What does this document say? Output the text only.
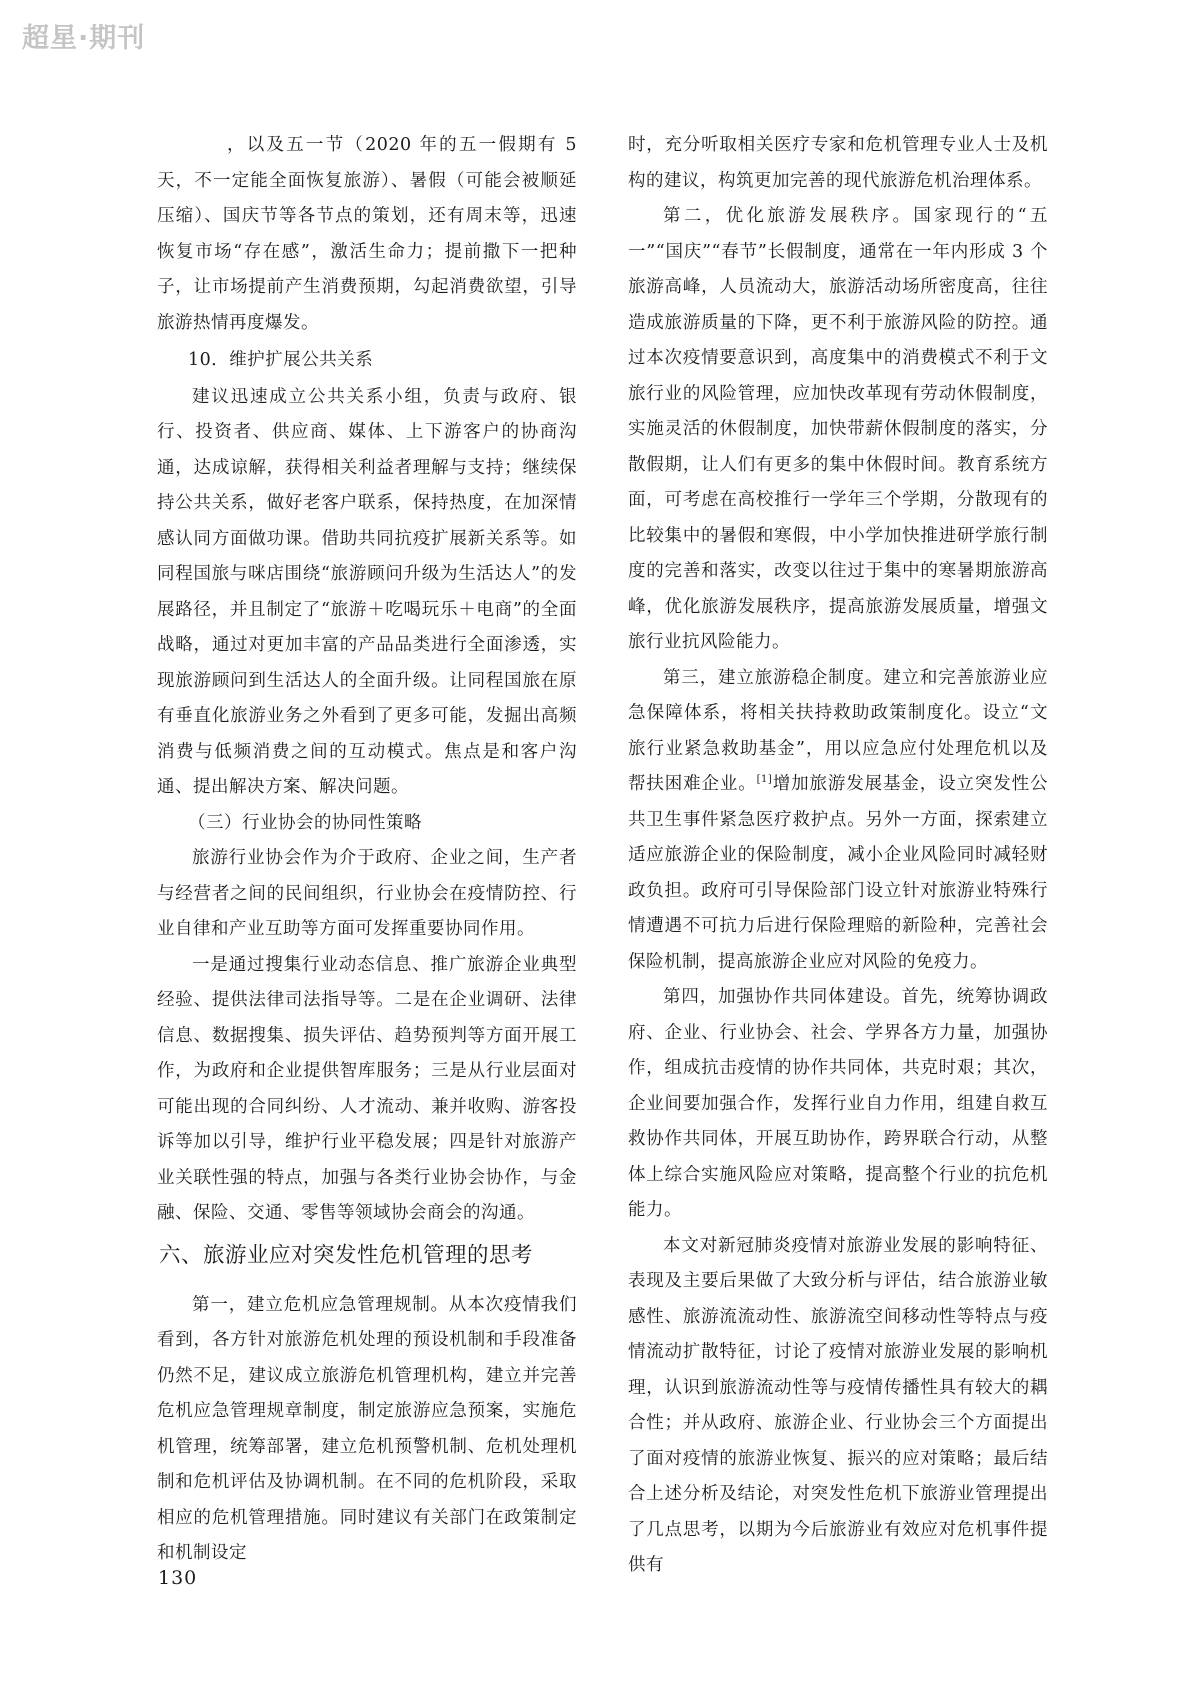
超星·期刊

，以及五一节（2020 年的五一假期有 5 天，不一定能全面恢复旅游）、暑假（可能会被顺延压缩）、国庆节等各节点的策划，还有周末等，迅速恢复市场“存在感”，激活生命力；提前撒下一把种子，让市场提前产生消费预期，勾起消费欲望，引导旅游热情再度爆发。

10．维护扩展公共关系

建议迅速成立公共关系小组，负责与政府、银行、投资者、供应商、媒体、上下游客户的协商沟通，达成谅解，获得相关利益者理解与支持；继续保持公共关系，做好老客户联系，保持热度，在加深情感认同方面做功课。借助共同抗疫扩展新关系等。如同程国旅与咪店围绕“旅游顾问升级为生活达人”的发展路径，并且制定了“旅游＋吃喝玩乐＋电商”的全面战略，通过对更加丰富的产品品类进行全面渗透，实现旅游顾问到生活达人的全面升级。让同程国旅在原有垂直化旅游业务之外看到了更多可能，发掘出高频消费与低频消费之间的互动模式。焦点是和客户沟通、提出解决方案、解决问题。

（三）行业协会的协同性策略

旅游行业协会作为介于政府、企业之间，生产者与经营者之间的民间组织，行业协会在疫情防控、行业自律和产业互助等方面可发挥重要协同作用。

一是通过搜集行业动态信息、推广旅游企业典型经验、提供法律司法指导等。二是在企业调研、法律信息、数据搜集、损失评估、趋势预判等方面开展工作，为政府和企业提供智库服务；三是从行业层面对可能出现的合同纠纷、人才流动、兼并收购、游客投诉等加以引导，维护行业平稳发展；四是针对旅游产业关联性强的特点，加强与各类行业协会协作，与金融、保险、交通、零售等领域协会商会的沟通。

六、旅游业应对突发性危机管理的思考

第一，建立危机应急管理规制。从本次疫情我们看到，各方针对旅游危机处理的预设机制和手段准备仍然不足，建议成立旅游危机管理机构，建立并完善危机应急管理规章制度，制定旅游应急预案，实施危机管理，统筹部署，建立危机预警机制、危机处理机制和危机评估及协调机制。在不同的危机阶段，采取相应的危机管理措施。同时建议有关部门在政策制定和机制设定

时，充分听取相关医疗专家和危机管理专业人士及机构的建议，构筑更加完善的现代旅游危机治理体系。

第二，优化旅游发展秩序。国家现行的“五一”“国庆”“春节”长假制度，通常在一年内形成 3 个旅游高峰，人员流动大，旅游活动场所密度高，往往造成旅游质量的下降，更不利于旅游风险的防控。通过本次疫情要意识到，高度集中的消费模式不利于文旅行业的风险管理，应加快改革现有劳动休假制度，实施灵活的休假制度，加快带薪休假制度的落实，分散假期，让人们有更多的集中休假时间。教育系统方面，可考虑在高校推行一学年三个学期，分散现有的比较集中的暑假和寒假，中小学加快推进研学旅行制度的完善和落实，改变以往过于集中的寒暑期旅游高峰，优化旅游发展秩序，提高旅游发展质量，增强文旅行业抗风险能力。

第三，建立旅游稳企制度。建立和完善旅游业应急保障体系，将相关扶持救助政策制度化。设立“文旅行业紧急救助基金”，用以应急应付处理危机以及帮扶困难企业。[1]增加旅游发展基金，设立突发性公共卫生事件紧急医疗救护点。另外一方面，探索建立适应旅游企业的保险制度，减小企业风险同时减轻财政负担。政府可引导保险部门设立针对旅游业特殊行情遭遇不可抗力后进行保险理赔的新险种，完善社会保险机制，提高旅游企业应对风险的免疫力。

第四，加强协作共同体建设。首先，统筹协调政府、企业、行业协会、社会、学界各方力量，加强协作，组成抗击疫情的协作共同体，共克时艰；其次，企业间要加强合作，发挥行业自力作用，组建自救互救协作共同体，开展互助协作，跨界联合行动，从整体上综合实施风险应对策略，提高整个行业的抗危机能力。

本文对新冠肺炎疫情对旅游业发展的影响特征、表现及主要后果做了大致分析与评估，结合旅游业敏感性、旅游流流动性、旅游流空间移动性等特点与疫情流动扩散特征，讨论了疫情对旅游业发展的影响机理，认识到旅游流动性等与疫情传播性具有较大的耦合性；并从政府、旅游企业、行业协会三个方面提出了面对疫情的旅游业恢复、振兴的应对策略；最后结合上述分析及结论，对突发性危机下旅游业管理提出了几点思考，以期为今后旅游业有效应对危机事件提供有

130
